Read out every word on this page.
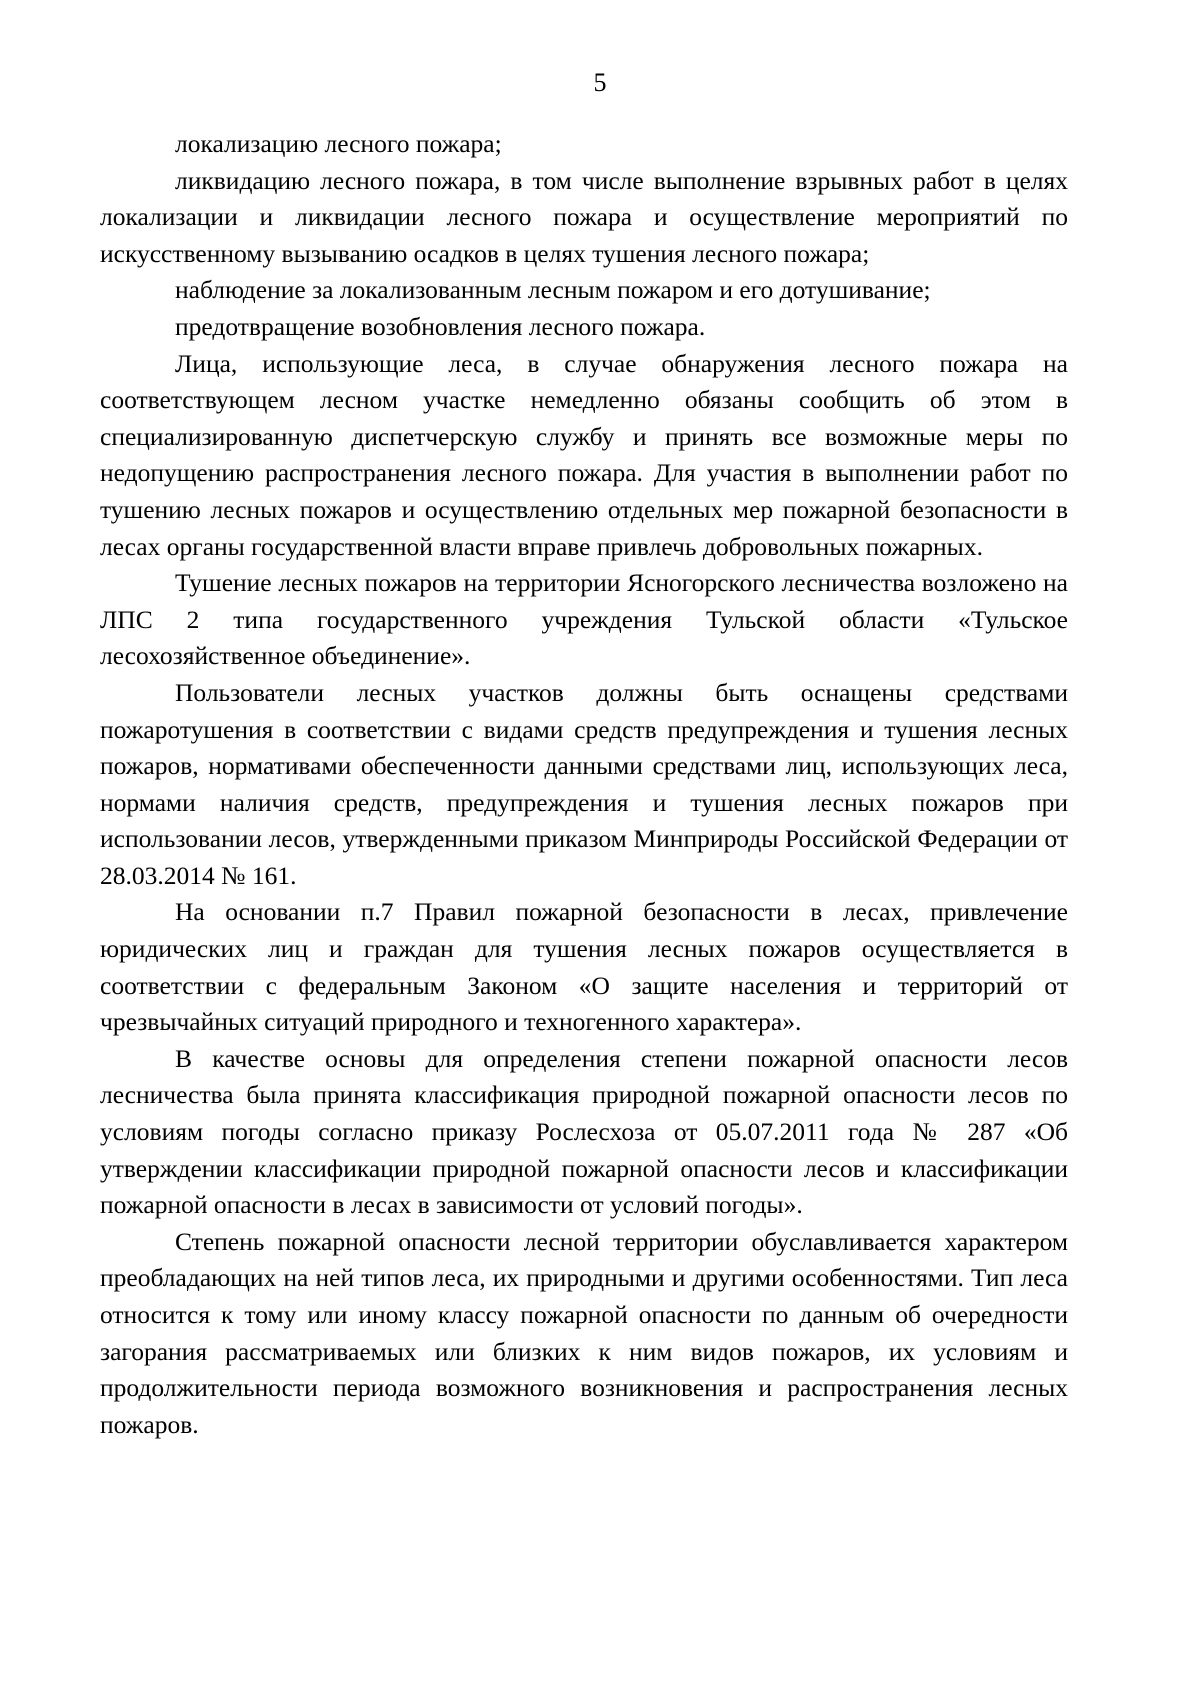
5

локализацию лесного пожара;

ликвидацию лесного пожара, в том числе выполнение взрывных работ в целях локализации и ликвидации лесного пожара и осуществление мероприятий по искусственному вызыванию осадков в целях тушения лесного пожара;

наблюдение за локализованным лесным пожаром и его дотушивание;

предотвращение возобновления лесного пожара.

Лица, использующие леса, в случае обнаружения лесного пожара на соответствующем лесном участке немедленно обязаны сообщить об этом в специализированную диспетчерскую службу и принять все возможные меры по недопущению распространения лесного пожара. Для участия в выполнении работ по тушению лесных пожаров и осуществлению отдельных мер пожарной безопасности в лесах органы государственной власти вправе привлечь добровольных пожарных.

Тушение лесных пожаров на территории Ясногорского лесничества возложено на ЛПС 2 типа государственного учреждения Тульской области «Тульское лесохозяйственное объединение».

Пользователи лесных участков должны быть оснащены средствами пожаротушения в соответствии с видами средств предупреждения и тушения лесных пожаров, нормативами обеспеченности данными средствами лиц, использующих леса, нормами наличия средств, предупреждения и тушения лесных пожаров при использовании лесов, утвержденными приказом Минприроды Российской Федерации от 28.03.2014 № 161.

На основании п.7 Правил пожарной безопасности в лесах, привлечение юридических лиц и граждан для тушения лесных пожаров осуществляется в соответствии с федеральным Законом «О защите населения и территорий от чрезвычайных ситуаций природного и техногенного характера».

В качестве основы для определения степени пожарной опасности лесов лесничества была принята классификация природной пожарной опасности лесов по условиям погоды согласно приказу Рослесхоза от 05.07.2011 года № 287 «Об утверждении классификации природной пожарной опасности лесов и классификации пожарной опасности в лесах в зависимости от условий погоды».

Степень пожарной опасности лесной территории обуславливается характером преобладающих на ней типов леса, их природными и другими особенностями. Тип леса относится к тому или иному классу пожарной опасности по данным об очередности загорания рассматриваемых или близких к ним видов пожаров, их условиям и продолжительности периода возможного возникновения и распространения лесных пожаров.
